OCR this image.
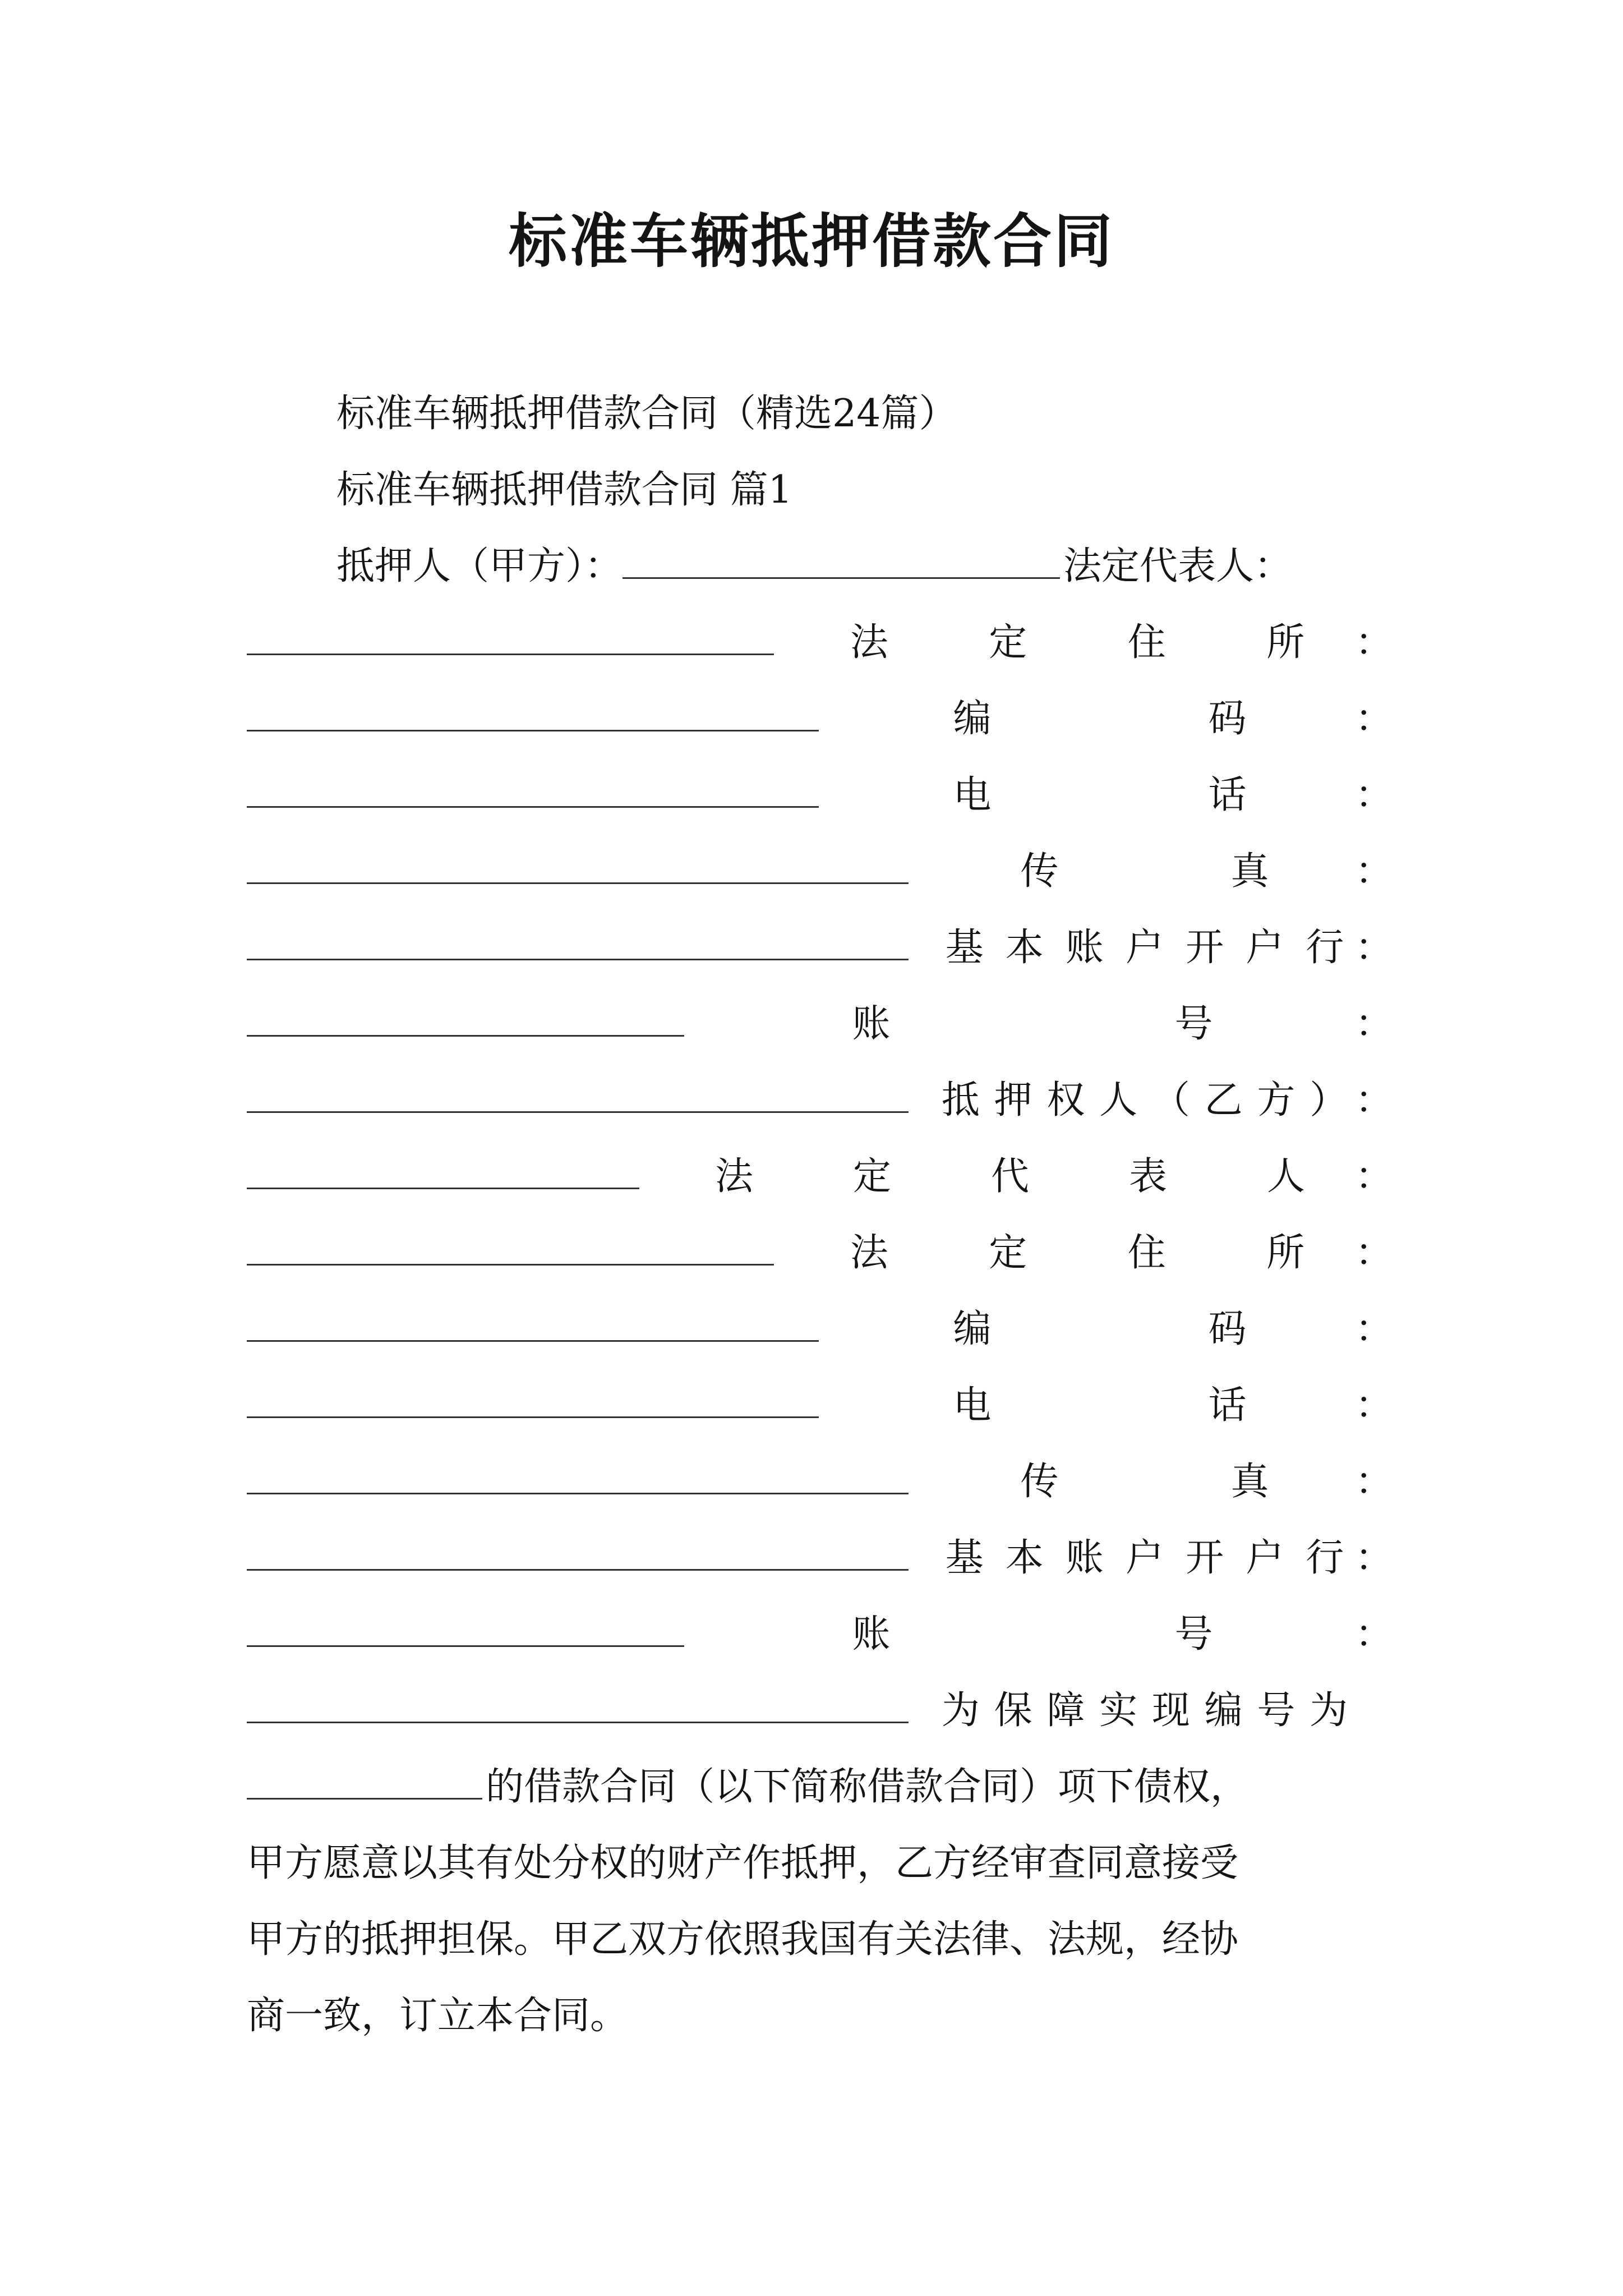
标准车辆抵押借款合同
标准车辆抵押借款合同（精选24篇）
标准车辆抵押借款合同 篇1
抵押人（甲方）：	法定代表人：
法	定	住	所 ：
编	码	：
电	话	：
传	真 ：
基 本 账 户 开 户 行 ：
账	号	：
抵 押 权 人 （ 乙 方 ） ：
法	定	代	表	人 ：
法	定	住	所 ：
编	码	：
电	话	：
传	真 ：
基 本 账 户 开 户 行 ：
账	号	：
为 保 障 实 现 编 号 为
的借款合同（以下简称借款合同）项下债权，
甲方愿意以其有处分权的财产作抵押，乙方经审查同意接受
甲方的抵押担保。甲乙双方依照我国有关法律、法规，经协
商一致，订立本合同。
